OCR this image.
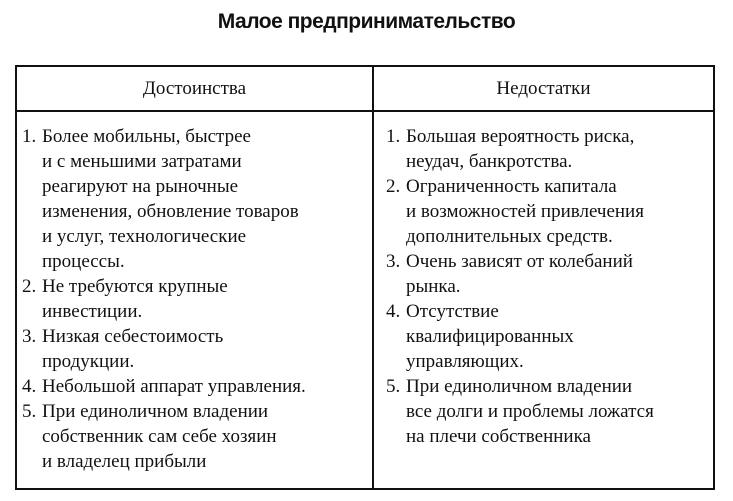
Малое предпринимательство
Достоинства	Недостатки
1. Более мобильны, быстрее
и с меньшими затратами
реагируют на рыночные
изменения, обновление товаров
и услуг, технологические
процессы.
2. Не требуются крупные
инвестиции.
3. Низкая себестоимость
продукции.
4. Небольшой аппарат управления.
5. При единоличном владении
собственник сам себе хозяин
и владелец прибыли
1. Большая вероятность риска,
неудач, банкротства.
2. Ограниченность капитала
и возможностей привлечения
дополнительных средств.
3. Очень зависят от колебаний
рынка.
4. Отсутствие
квалифицированных
управляющих.
5. При единоличном владении
все долги и проблемы ложатся
на плечи собственника
